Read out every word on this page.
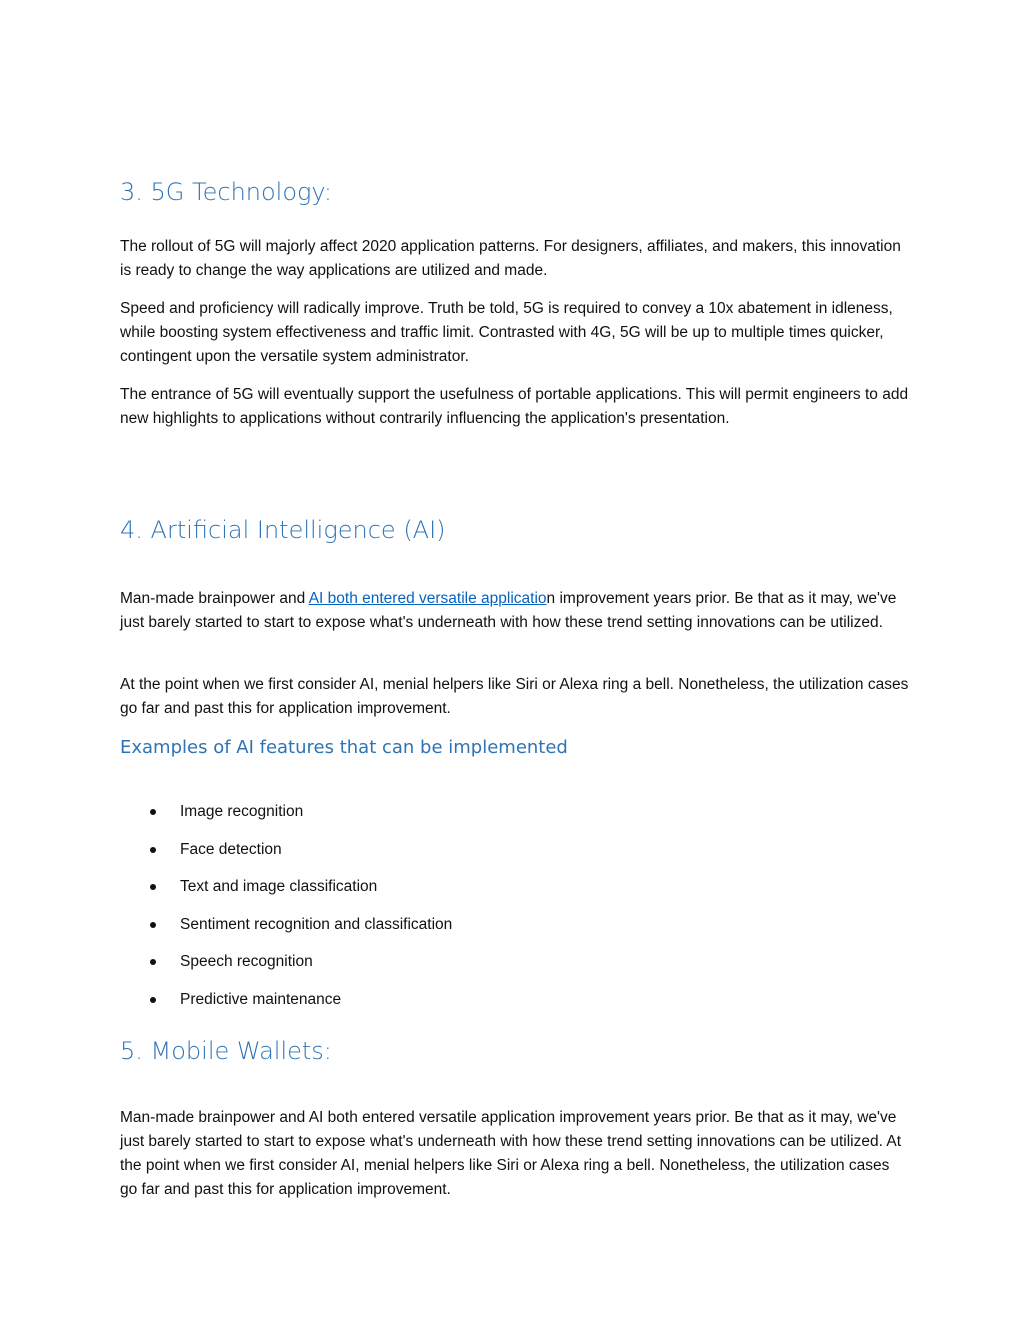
3. 5G Technology:

The rollout of 5G will majorly affect 2020 application patterns. For designers, affiliates, and makers, this innovation is ready to change the way applications are utilized and made.

Speed and proficiency will radically improve. Truth be told, 5G is required to convey a 10x abatement in idleness, while boosting system effectiveness and traffic limit. Contrasted with 4G, 5G will be up to multiple times quicker, contingent upon the versatile system administrator.

The entrance of 5G will eventually support the usefulness of portable applications. This will permit engineers to add new highlights to applications without contrarily influencing the application's presentation.

4. Artificial Intelligence (AI)

Man-made brainpower and AI both entered versatile application improvement years prior. Be that as it may, we've just barely started to start to expose what's underneath with how these trend setting innovations can be utilized.

At the point when we first consider AI, menial helpers like Siri or Alexa ring a bell. Nonetheless, the utilization cases go far and past this for application improvement.

Examples of AI features that can be implemented
Image recognition
Face detection
Text and image classification
Sentiment recognition and classification
Speech recognition
Predictive maintenance
5. Mobile Wallets:

Man-made brainpower and AI both entered versatile application improvement years prior. Be that as it may, we've just barely started to start to expose what's underneath with how these trend setting innovations can be utilized. At the point when we first consider AI, menial helpers like Siri or Alexa ring a bell. Nonetheless, the utilization cases go far and past this for application improvement.
